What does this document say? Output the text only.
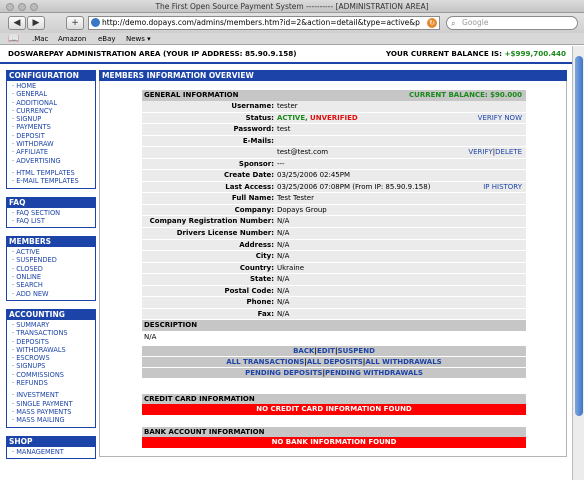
The First Open Source Payment System ---------- [ADMINISTRATION AREA]
◀	▶	+	http://demo.dopays.com/admins/members.htm?id=2&action=detail&type=active&p ↻ ⌕ Google
📖 .Mac Amazon eBay News ▾
DOSWAREPAY ADMINISTRATION AREA (YOUR IP ADDRESS: 85.90.9.158)	YOUR CURRENT BALANCE IS: +$999,700.440
CONFIGURATION
· HOME
· GENERAL
· ADDITIONAL
· CURRENCY
· SIGNUP
· PAYMENTS
· DEPOSIT
· WITHDRAW
· AFFILIATE
· ADVERTISING
· HTML TEMPLATES
· E-MAIL TEMPLATES
FAQ
· FAQ SECTION
· FAQ LIST
MEMBERS
· ACTIVE
· SUSPENDED
· CLOSED
· ONLINE
· SEARCH
· ADD NEW
ACCOUNTING
· SUMMARY
· TRANSACTIONS
· DEPOSITS
· WITHDRAWALS
· ESCROWS
· SIGNUPS
· COMMISSIONS
· REFUNDS
· INVESTMENT
· SINGLE PAYMENT
· MASS PAYMENTS
· MASS MAILING
SHOP
· MANAGEMENT
MEMBERS INFORMATION OVERVIEW
GENERAL INFORMATION	CURRENT BALANCE: $90.000
Username: tester
Status: ACTIVE, UNVERIFIED	VERIFY NOW
Password: test
E-Mails:
test@test.com	VERIFY|DELETE
Sponsor: ---
Create Date: 03/25/2006 02:45PM
Last Access: 03/25/2006 07:08PM (From IP: 85.90.9.158)	IP HISTORY
Full Name: Test Tester
Company: Dopays Group
Company Registration Number: N/A
Drivers License Number: N/A
Address: N/A
City: N/A
Country: Ukraine
State: N/A
Postal Code: N/A
Phone: N/A
Fax: N/A
DESCRIPTION
N/A
BACK|EDIT|SUSPEND
ALL TRANSACTIONS|ALL DEPOSITS|ALL WITHDRAWALS
PENDING DEPOSITS|PENDING WITHDRAWALS
CREDIT CARD INFORMATION
NO CREDIT CARD INFORMATION FOUND
BANK ACCOUNT INFORMATION
NO BANK INFORMATION FOUND
